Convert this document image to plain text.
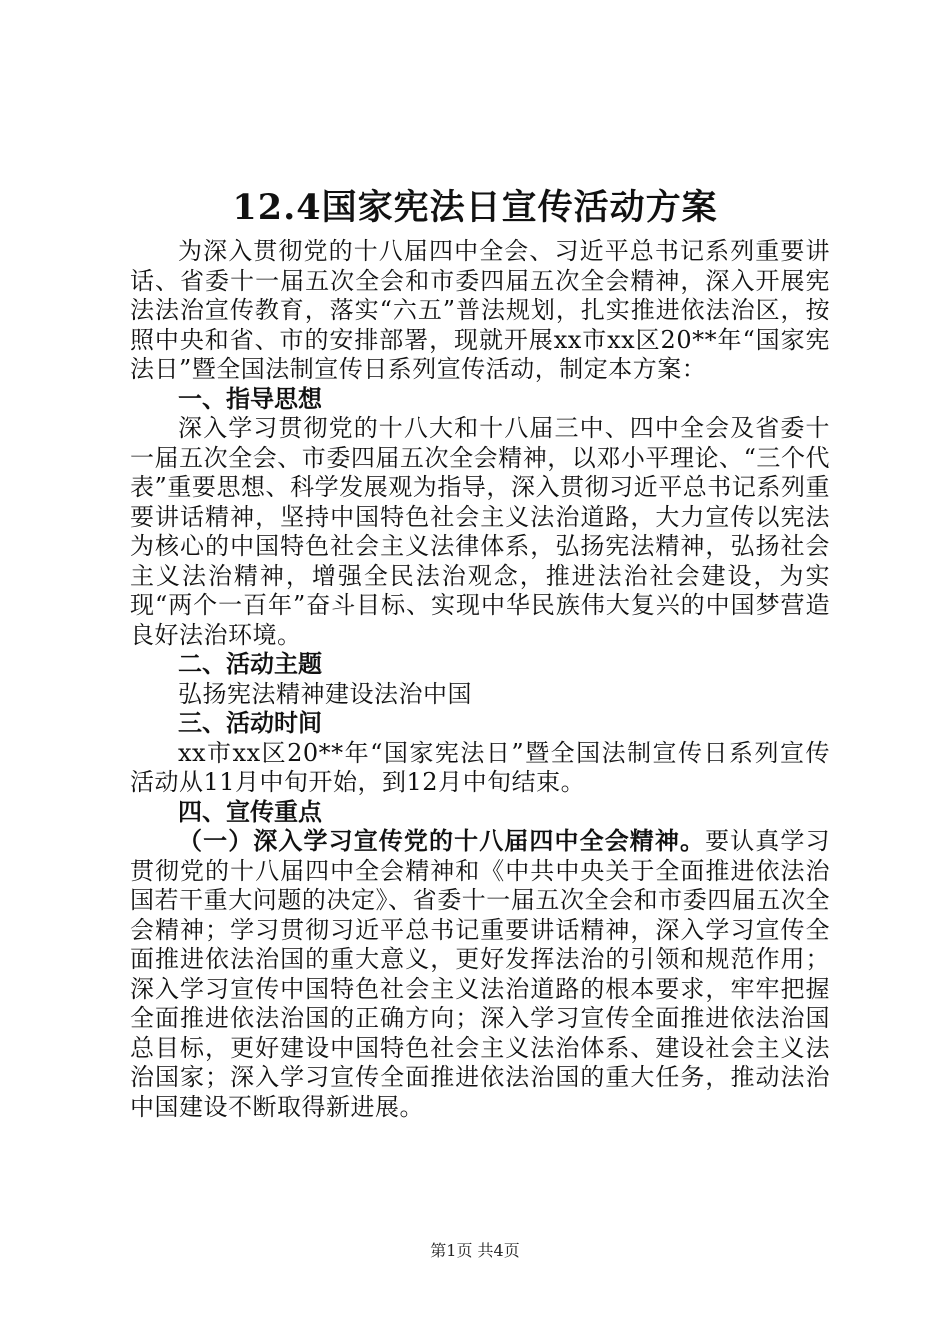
12.4国家宪法日宣传活动方案

为深入贯彻党的十八届四中全会、习近平总书记系列重要讲话、省委十一届五次全会和市委四届五次全会精神，深入开展宪法法治宣传教育，落实“六五”普法规划，扎实推进依法治区，按照中央和省、市的安排部署，现就开展xx市xx区20**年“国家宪法日”暨全国法制宣传日系列宣传活动，制定本方案：

一、指导思想

深入学习贯彻党的十八大和十八届三中、四中全会及省委十一届五次全会、市委四届五次全会精神，以邓小平理论、“三个代表”重要思想、科学发展观为指导，深入贯彻习近平总书记系列重要讲话精神，坚持中国特色社会主义法治道路，大力宣传以宪法为核心的中国特色社会主义法律体系，弘扬宪法精神，弘扬社会主义法治精神，增强全民法治观念，推进法治社会建设，为实现“两个一百年”奋斗目标、实现中华民族伟大复兴的中国梦营造良好法治环境。

二、活动主题

弘扬宪法精神建设法治中国

三、活动时间

xx市xx区20**年“国家宪法日”暨全国法制宣传日系列宣传活动从11月中旬开始，到12月中旬结束。

四、宣传重点

（一）深入学习宣传党的十八届四中全会精神。要认真学习贯彻党的十八届四中全会精神和《中共中央关于全面推进依法治国若干重大问题的决定》、省委十一届五次全会和市委四届五次全会精神；学习贯彻习近平总书记重要讲话精神，深入学习宣传全面推进依法治国的重大意义，更好发挥法治的引领和规范作用；深入学习宣传中国特色社会主义法治道路的根本要求，牢牢把握全面推进依法治国的正确方向；深入学习宣传全面推进依法治国总目标，更好建设中国特色社会主义法治体系、建设社会主义法治国家；深入学习宣传全面推进依法治国的重大任务，推动法治中国建设不断取得新进展。

第1页 共4页
